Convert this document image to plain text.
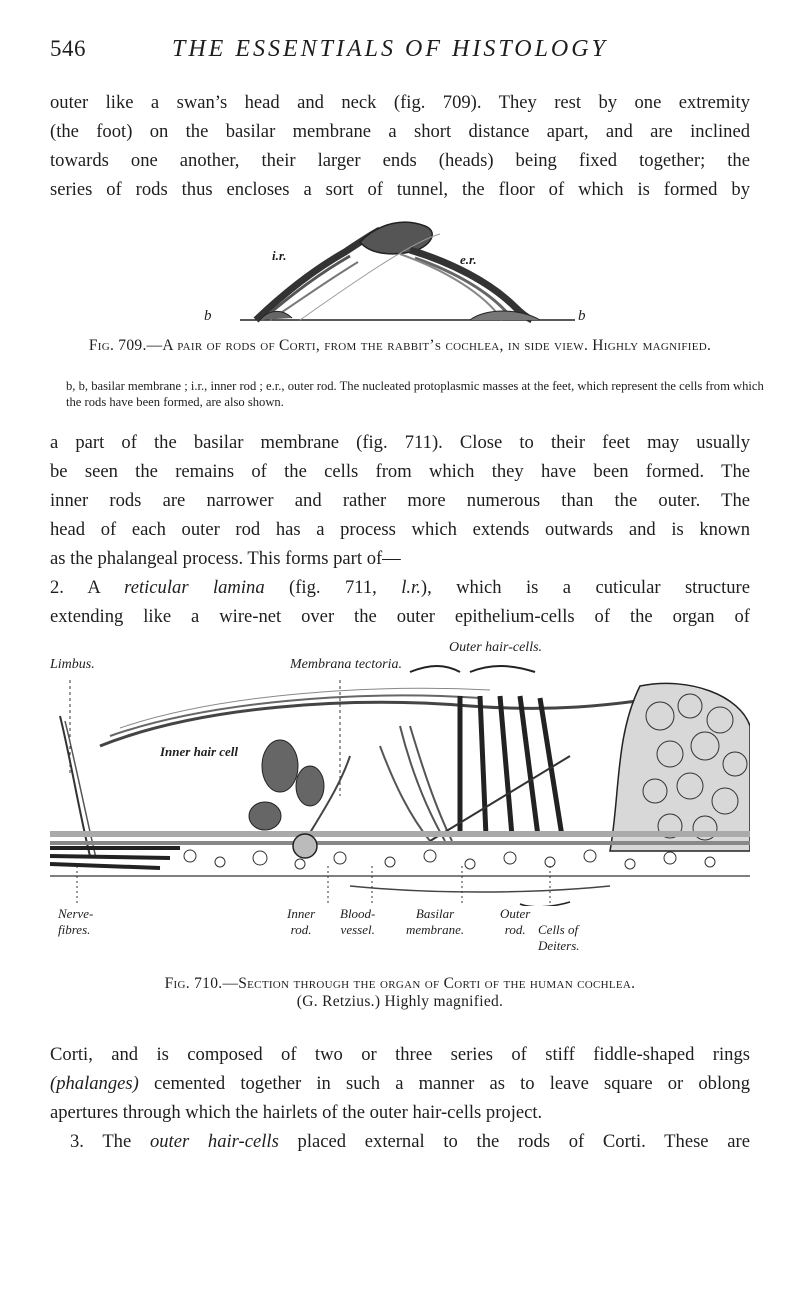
546	THE ESSENTIALS OF HISTOLOGY
outer like a swan’s head and neck (fig. 709). They rest by one extremity
(the foot) on the basilar membrane a short distance apart, and are inclined
towards one another, their larger ends (heads) being fixed together; the
series of rods thus encloses a sort of tunnel, the floor of which is formed by
i.r.	e.r.
b	b
Fig. 709.—A pair of rods of Corti, from the rabbit’s cochlea, in side view. Highly magnified.
b, b, basilar membrane ; i.r., inner rod ; e.r., outer rod. The nucleated protoplasmic masses at the feet, which represent the cells from which the rods have been formed, are also shown.
a part of the basilar membrane (fig. 711). Close to their feet may usually
be seen the remains of the cells from which they have been formed. The
inner rods are narrower and rather more numerous than the outer. The
head of each outer rod has a process which extends outwards and is known
as the phalangeal process. This forms part of—
2. A reticular lamina (fig. 711, l.r.), which is a cuticular structure
extending like a wire-net over the outer epithelium-cells of the organ of
Limbus.	Membrana tectoria.
Outer hair-cells.
Inner hair cell
Nerve-
fibres.
Inner
rod.
Blood-
vessel.
Basilar
membrane.
Outer
rod. Cells of
Deiters.
Fig. 710.—Section through the organ of Corti of the human cochlea.
(G. Retzius.) Highly magnified.
Corti, and is composed of two or three series of stiff fiddle-shaped rings
(phalanges) cemented together in such a manner as to leave square or oblong
apertures through which the hairlets of the outer hair-cells project.
3. The outer hair-cells placed external to the rods of Corti. These are
